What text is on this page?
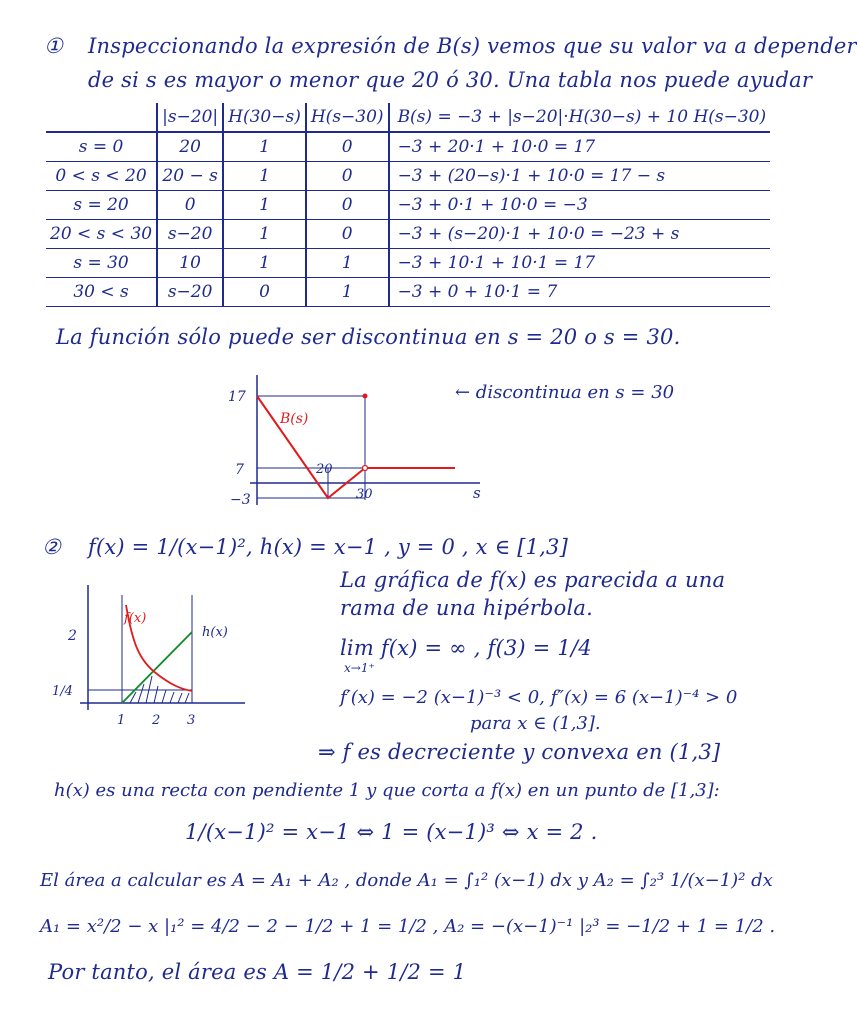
① Inspeccionando la expresión de B(s) vemos que su valor va a depender
de si s es mayor o menor que 20 ó 30. Una tabla nos puede ayudar
	|s−20|	H(30−s)	H(s−30)	B(s) = −3 + |s−20|·H(30−s) + 10 H(s−30)
s = 0	20	1	0	−3 + 20·1 + 10·0 = 17
0 < s < 20	20 − s	1	0	−3 + (20−s)·1 + 10·0 = 17 − s
s = 20	0	1	0	−3 + 0·1 + 10·0 = −3
20 < s < 30	s−20	1	0	−3 + (s−20)·1 + 10·0 = −23 + s
s = 30	10	1	1	−3 + 10·1 + 10·1 = 17
30 < s	s−20	0	1	−3 + 0 + 10·1 = 7
La función sólo puede ser discontinua en s = 20 o s = 30.
B(s)
17
7
−3
20
30	s
← discontinua en s = 30
② f(x) = 1/(x−1)², h(x) = x−1 , y = 0 , x ∈ [1,3]
f(x)
h(x)
2
1/4
1 2 3
La gráfica de f(x) es parecida a una
rama de una hipérbola.
lim f(x) = ∞ , f(3) = 1/4
x→1⁺
f′(x) = −2 (x−1)⁻³ < 0, f″(x) = 6 (x−1)⁻⁴ > 0
para x ∈ (1,3].
⇒ f es decreciente y convexa en (1,3]
h(x) es una recta con pendiente 1 y que corta a f(x) en un punto de [1,3]:
1/(x−1)² = x−1 ⇔ 1 = (x−1)³ ⇔ x = 2 .
El área a calcular es A = A₁ + A₂ , donde A₁ = ∫₁² (x−1) dx y A₂ = ∫₂³ 1/(x−1)² dx
A₁ = x²/2 − x |₁² = 4/2 − 2 − 1/2 + 1 = 1/2 , A₂ = −(x−1)⁻¹ |₂³ = −1/2 + 1 = 1/2 .
Por tanto, el área es A = 1/2 + 1/2 = 1
